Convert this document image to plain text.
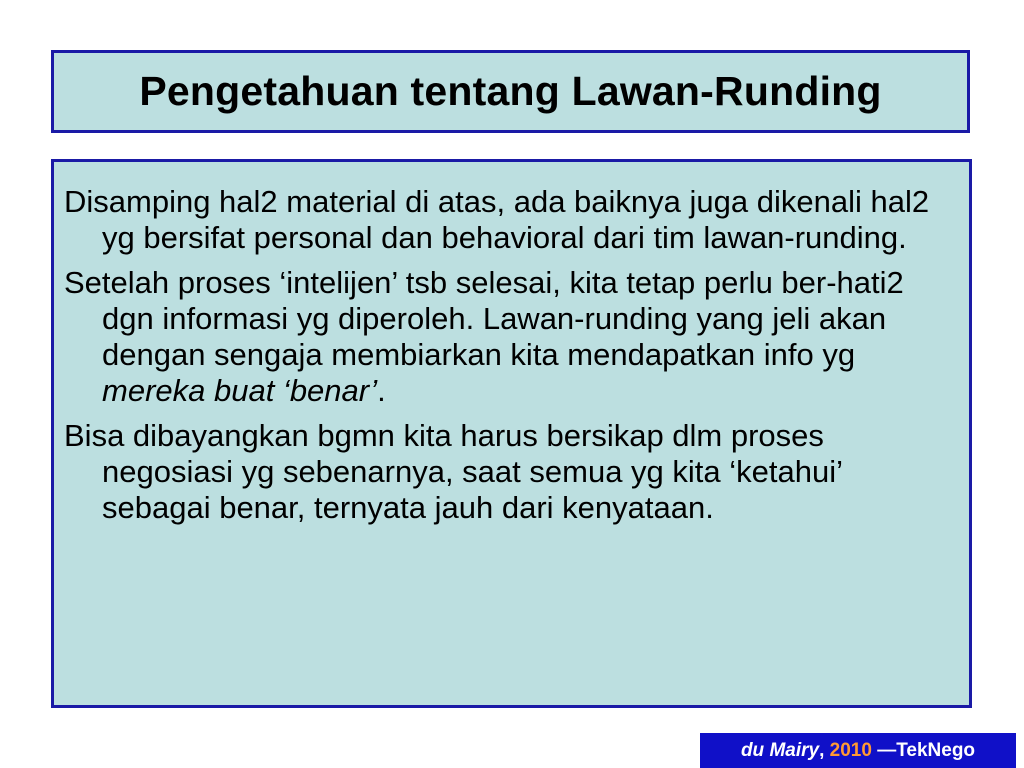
Pengetahuan tentang Lawan-Runding

Disamping hal2 material di atas, ada baiknya juga dikenali hal2 yg bersifat personal dan behavioral dari tim lawan-runding.

Setelah proses ‘intelijen’ tsb selesai, kita tetap perlu ber-hati2 dgn informasi yg diperoleh. Lawan-runding yang jeli akan dengan sengaja membiarkan kita mendapatkan info yg mereka buat ‘benar’.

Bisa dibayangkan bgmn kita harus bersikap dlm proses negosiasi yg sebenarnya, saat semua yg kita ‘ketahui’ sebagai benar, ternyata jauh dari kenyataan.

du Mairy , 2010 —TekNego
